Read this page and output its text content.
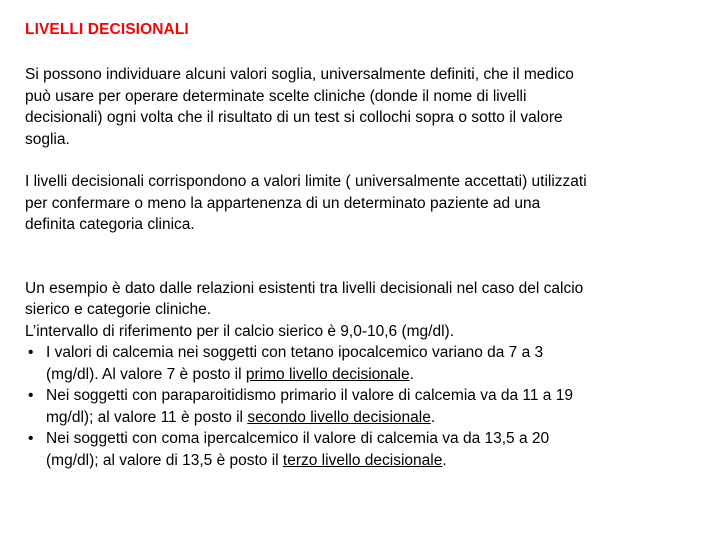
LIVELLI DECISIONALI

Si possono individuare alcuni valori soglia, universalmente definiti, che il medico
può usare per operare determinate scelte cliniche (donde il nome di livelli
decisionali) ogni volta che il risultato di un test si collochi sopra o sotto il valore
soglia.

I livelli decisionali corrispondono a valori limite ( universalmente accettati) utilizzati
per confermare o meno la appartenenza di un determinato paziente ad una
definita categoria clinica.

Un esempio è dato dalle relazioni esistenti tra livelli decisionali nel caso del calcio
sierico e categorie cliniche.
L’intervallo di riferimento per il calcio sierico è 9,0-10,6 (mg/dl).

• I valori di calcemia nei soggetti con tetano ipocalcemico variano da 7 a 3
(mg/dl). Al valore 7 è posto il primo livello decisionale.
• Nei soggetti con paraparoitidismo primario il valore di calcemia va da 11 a 19
mg/dl); al valore 11 è posto il secondo livello decisionale.
• Nei soggetti con coma ipercalcemico il valore di calcemia va da 13,5 a 20
(mg/dl); al valore di 13,5 è posto il terzo livello decisionale.
